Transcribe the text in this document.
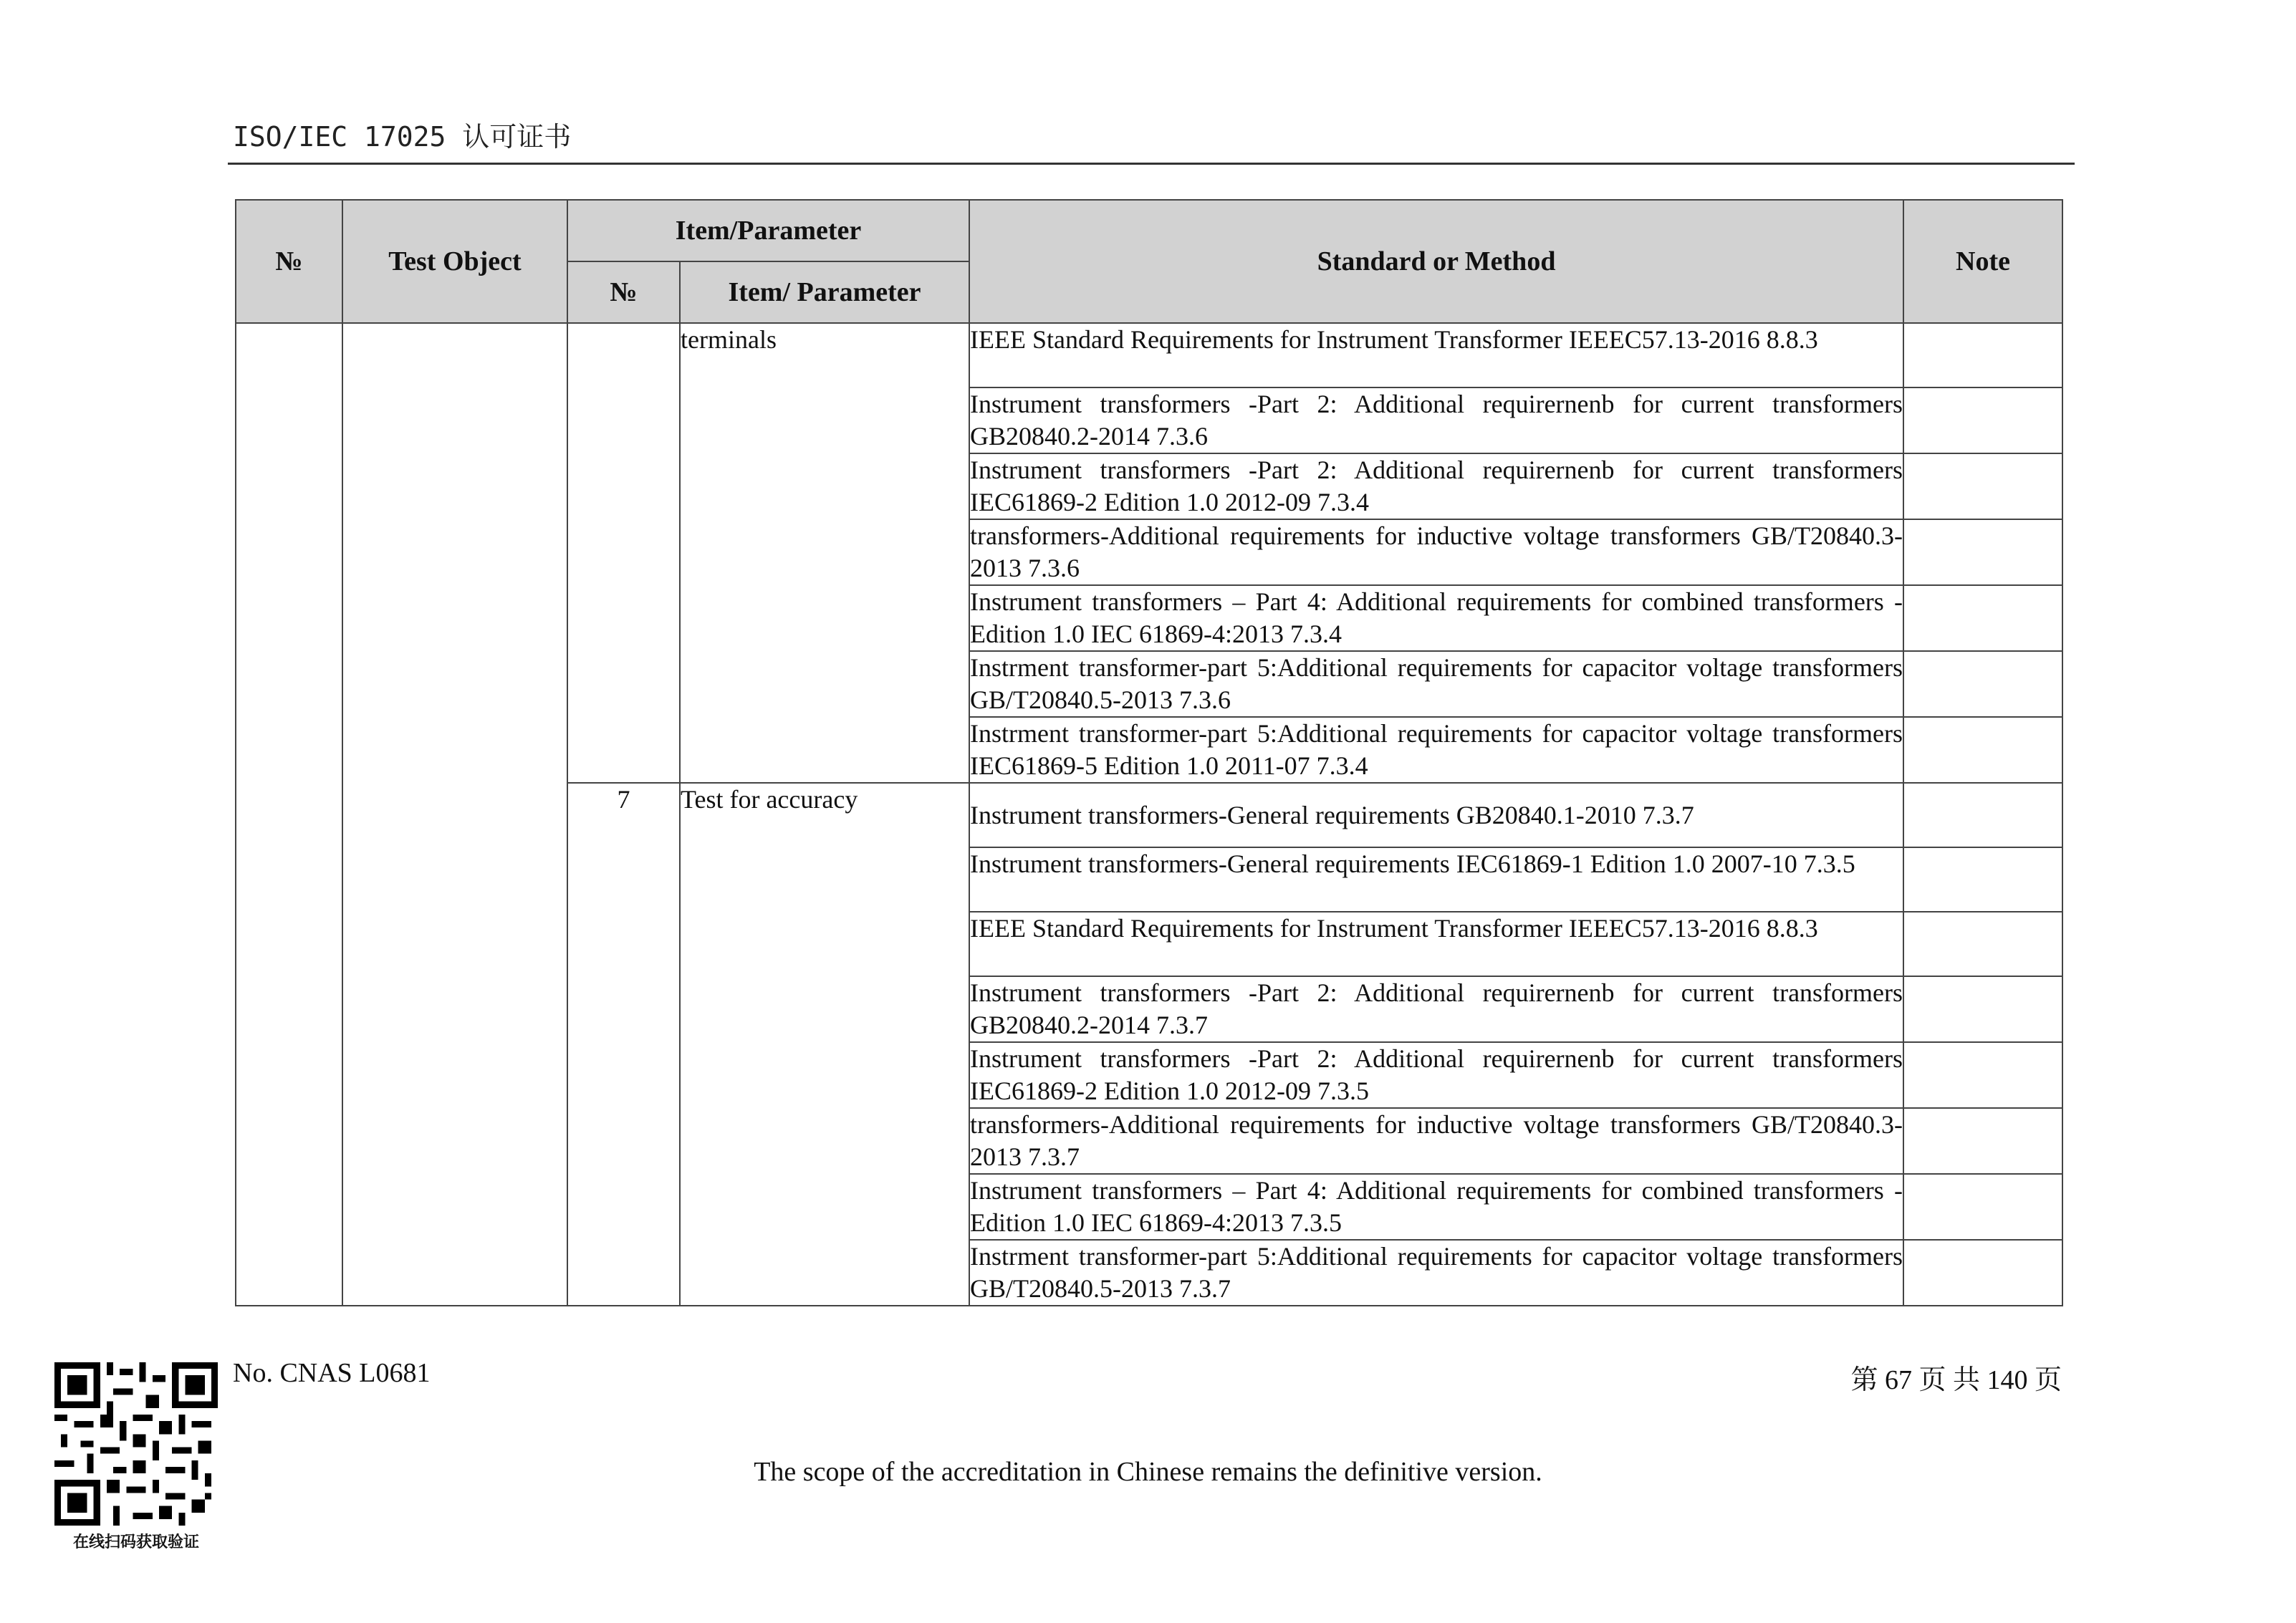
ISO/IEC 17025 认可证书
№	Test Object	Item/Parameter		Standard or Method	Note
		№	Item/ Parameter		
			terminals	IEEE Standard Requirements for Instrument Transformer IEEEC57.13-2016 8.8.3	
				Instrument transformers -Part 2: Additional requirernenb for current transformers GB20840.2-2014 7.3.6	
				Instrument transformers -Part 2: Additional requirernenb for current transformers IEC61869-2 Edition 1.0 2012-09 7.3.4	
				transformers-Additional requirements for inductive voltage transformers GB/T20840.3-2013 7.3.6	
				Instrument transformers – Part 4: Additional requirements for combined transformers - Edition 1.0 IEC 61869-4:2013 7.3.4	
				Instrment transformer-part 5:Additional requirements for capacitor voltage transformers GB/T20840.5-2013 7.3.6	
				Instrment transformer-part 5:Additional requirements for capacitor voltage transformers IEC61869-5 Edition 1.0 2011-07 7.3.4	
		7	Test for accuracy	Instrument transformers-General requirements GB20840.1-2010 7.3.7	
				Instrument transformers-General requirements IEC61869-1 Edition 1.0 2007-10 7.3.5	
				IEEE Standard Requirements for Instrument Transformer IEEEC57.13-2016 8.8.3	
				Instrument transformers -Part 2: Additional requirernenb for current transformers GB20840.2-2014 7.3.7	
				Instrument transformers -Part 2: Additional requirernenb for current transformers IEC61869-2 Edition 1.0 2012-09 7.3.5	
				transformers-Additional requirements for inductive voltage transformers GB/T20840.3-2013 7.3.7	
				Instrument transformers – Part 4: Additional requirements for combined transformers - Edition 1.0 IEC 61869-4:2013 7.3.5	
				Instrment transformer-part 5:Additional requirements for capacitor voltage transformers GB/T20840.5-2013 7.3.7	
在线扫码获取验证
No. CNAS L0681	第 67 页 共 140 页
The scope of the accreditation in Chinese remains the definitive version.
